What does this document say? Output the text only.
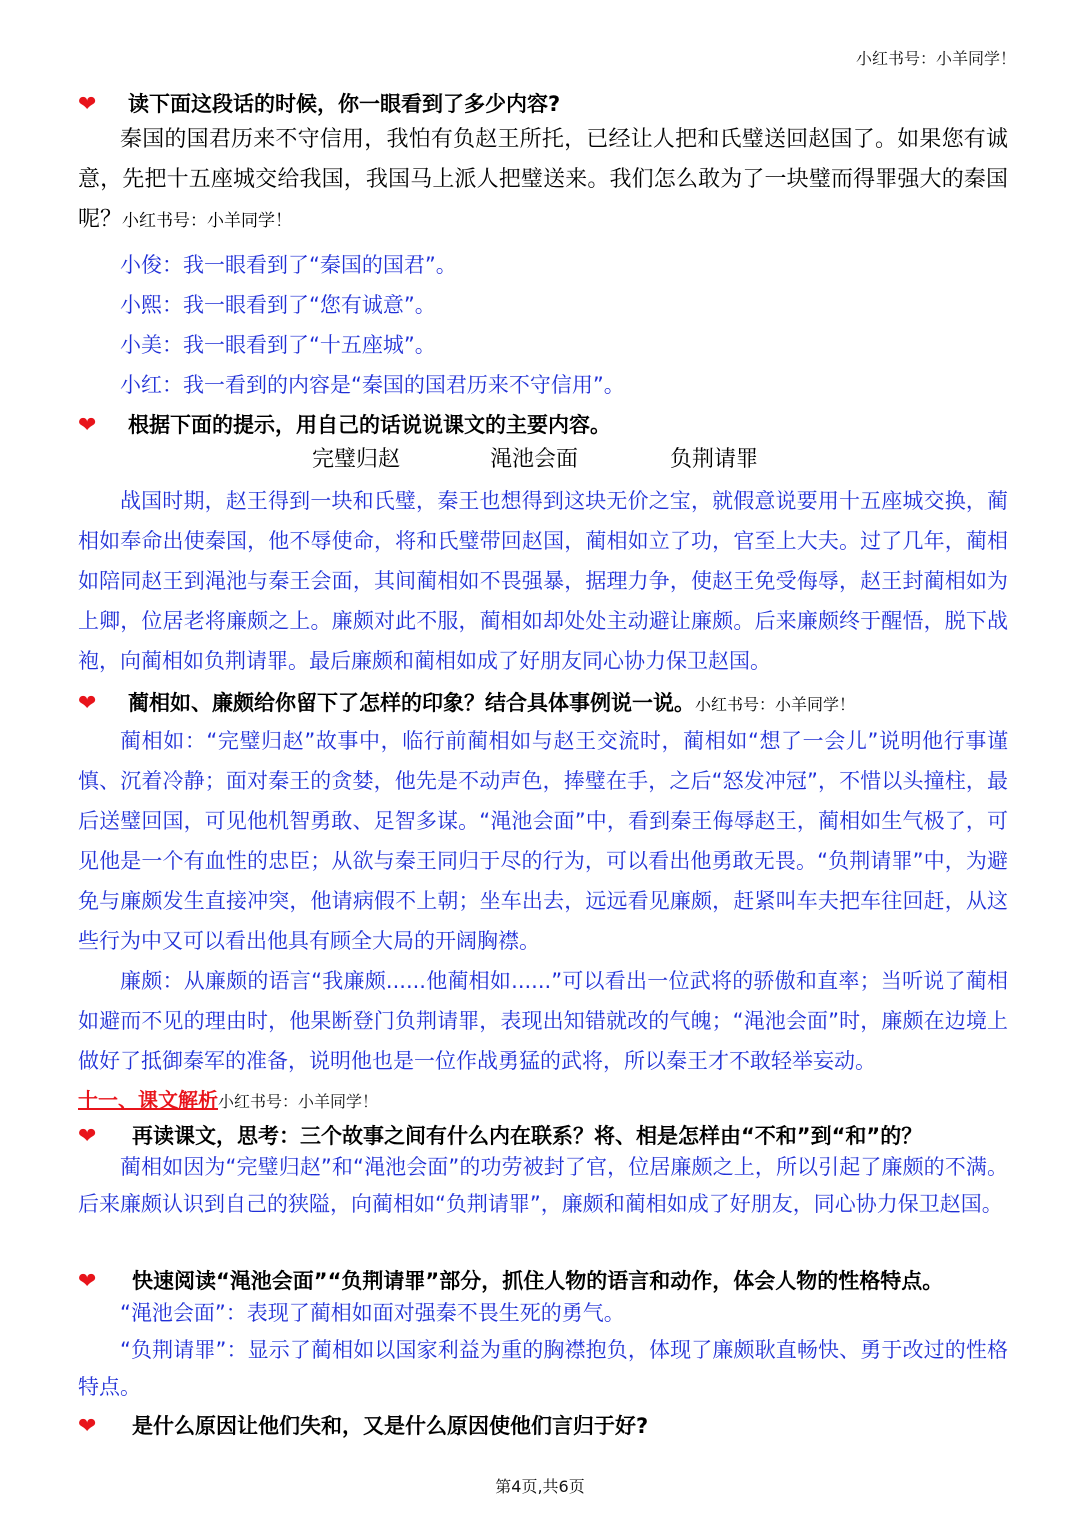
小红书号：小羊同学！
❤ 读下面这段话的时候，你一眼看到了多少内容?
秦国的国君历来不守信用，我怕有负赵王所托，已经让人把和氏璧送回赵国了。如果您有诚意，先把十五座城交给我国，我国马上派人把璧送来。我们怎么敢为了一块璧而得罪强大的秦国呢？小红书号：小羊同学！
小俊：我一眼看到了“秦国的国君”。
小熙：我一眼看到了“您有诚意”。
小美：我一眼看到了“十五座城”。
小红：我一看到的内容是“秦国的国君历来不守信用”。
❤ 根据下面的提示，用自己的话说说课文的主要内容。
完璧归赵	渑池会面	负荆请罪
战国时期，赵王得到一块和氏璧，秦王也想得到这块无价之宝，就假意说要用十五座城交换，蔺相如奉命出使秦国，他不辱使命，将和氏璧带回赵国，蔺相如立了功，官至上大夫。过了几年，蔺相如陪同赵王到渑池与秦王会面，其间蔺相如不畏强暴，据理力争，使赵王免受侮辱，赵王封蔺相如为上卿，位居老将廉颇之上。廉颇对此不服，蔺相如却处处主动避让廉颇。后来廉颇终于醒悟，脱下战袍，向蔺相如负荆请罪。最后廉颇和蔺相如成了好朋友同心协力保卫赵国。
❤ 蔺相如、廉颇给你留下了怎样的印象？结合具体事例说一说。小红书号：小羊同学！
蔺相如：“完璧归赵”故事中，临行前蔺相如与赵王交流时，蔺相如“想了一会儿”说明他行事谨慎、沉着冷静；面对秦王的贪婪，他先是不动声色，捧璧在手，之后“怒发冲冠”，不惜以头撞柱，最后送璧回国，可见他机智勇敢、足智多谋。“渑池会面”中，看到秦王侮辱赵王，蔺相如生气极了，可见他是一个有血性的忠臣；从欲与秦王同归于尽的行为，可以看出他勇敢无畏。“负荆请罪”中，为避免与廉颇发生直接冲突，他请病假不上朝；坐车出去，远远看见廉颇，赶紧叫车夫把车往回赶，从这些行为中又可以看出他具有顾全大局的开阔胸襟。
廉颇：从廉颇的语言“我廉颇......他蔺相如......”可以看出一位武将的骄傲和直率；当听说了蔺相如避而不见的理由时，他果断登门负荆请罪，表现出知错就改的气魄；“渑池会面”时，廉颇在边境上做好了抵御秦军的准备，说明他也是一位作战勇猛的武将，所以秦王才不敢轻举妄动。
十一、课文解析小红书号：小羊同学！
❤ 再读课文，思考：三个故事之间有什么内在联系？将、相是怎样由“不和”到“和”的？
蔺相如因为“完璧归赵”和“渑池会面”的功劳被封了官，位居廉颇之上，所以引起了廉颇的不满。后来廉颇认识到自己的狭隘，向蔺相如“负荆请罪”，廉颇和蔺相如成了好朋友，同心协力保卫赵国。
❤ 快速阅读“渑池会面”“负荆请罪”部分，抓住人物的语言和动作，体会人物的性格特点。
“渑池会面”：表现了蔺相如面对强秦不畏生死的勇气。
“负荆请罪”：显示了蔺相如以国家利益为重的胸襟抱负，体现了廉颇耿直畅快、勇于改过的性格特点。
❤ 是什么原因让他们失和，又是什么原因使他们言归于好?
第4页,共6页
